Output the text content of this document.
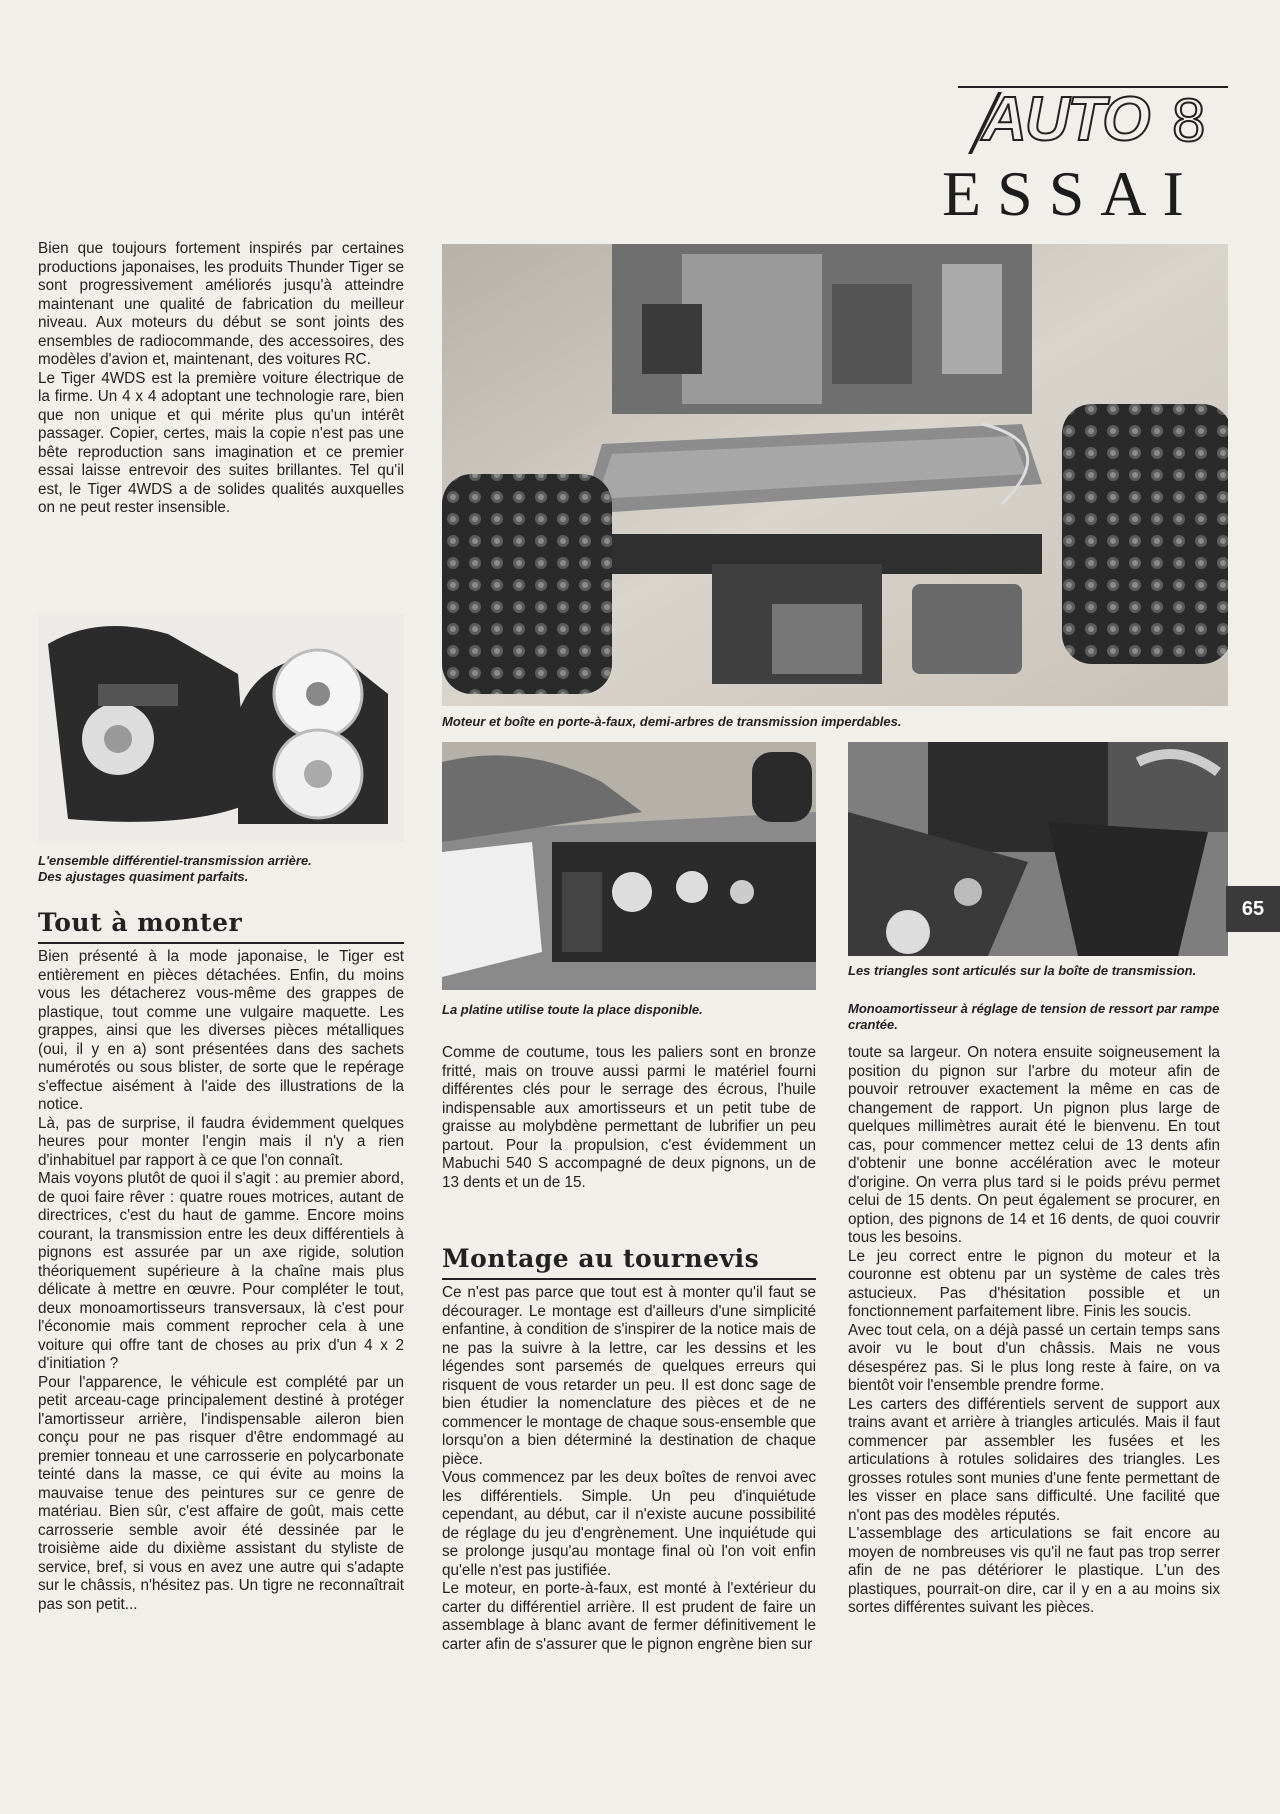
AUTO 8
ESSAI

Bien que toujours fortement inspirés par certaines productions japonaises, les produits Thunder Tiger se sont progressivement améliorés jusqu'à atteindre maintenant une qualité de fabrication du meilleur niveau. Aux moteurs du début se sont joints des ensembles de radiocommande, des accessoires, des modèles d'avion et, maintenant, des voitures RC.

Le Tiger 4WDS est la première voiture électrique de la firme. Un 4 x 4 adoptant une technologie rare, bien que non unique et qui mérite plus qu'un intérêt passager. Copier, certes, mais la copie n'est pas une bête reproduction sans imagination et ce premier essai laisse entrevoir des suites brillantes. Tel qu'il est, le Tiger 4WDS a de solides qualités auxquelles on ne peut rester insensible.

Moteur et boîte en porte-à-faux, demi-arbres de transmission imperdables.
L'ensemble différentiel-transmission arrière.
Des ajustages quasiment parfaits.
La platine utilise toute la place disponible.
Les triangles sont articulés sur la boîte de transmission.
Monoamortisseur à réglage de tension de ressort par rampe crantée.
65
Tout à monter

Bien présenté à la mode japonaise, le Tiger est entièrement en pièces détachées. Enfin, du moins vous les détacherez vous-même des grappes de plastique, tout comme une vulgaire maquette. Les grappes, ainsi que les diverses pièces métalliques (oui, il y en a) sont présentées dans des sachets numérotés ou sous blister, de sorte que le repérage s'effectue aisément à l'aide des illustrations de la notice.

Là, pas de surprise, il faudra évidemment quelques heures pour monter l'engin mais il n'y a rien d'inhabituel par rapport à ce que l'on connaît.

Mais voyons plutôt de quoi il s'agit : au premier abord, de quoi faire rêver : quatre roues motrices, autant de directrices, c'est du haut de gamme. Encore moins courant, la transmission entre les deux différentiels à pignons est assurée par un axe rigide, solution théoriquement supérieure à la chaîne mais plus délicate à mettre en œuvre. Pour compléter le tout, deux monoamortisseurs transversaux, là c'est pour l'économie mais comment reprocher cela à une voiture qui offre tant de choses au prix d'un 4 x 2 d'initiation ?

Pour l'apparence, le véhicule est complété par un petit arceau-cage principalement destiné à protéger l'amortisseur arrière, l'indispensable aileron bien conçu pour ne pas risquer d'être endommagé au premier tonneau et une carrosserie en polycarbonate teinté dans la masse, ce qui évite au moins la mauvaise tenue des peintures sur ce genre de matériau. Bien sûr, c'est affaire de goût, mais cette carrosserie semble avoir été dessinée par le troisième aide du dixième assistant du styliste de service, bref, si vous en avez une autre qui s'adapte sur le châssis, n'hésitez pas. Un tigre ne reconnaîtrait pas son petit...

Comme de coutume, tous les paliers sont en bronze fritté, mais on trouve aussi parmi le matériel fourni différentes clés pour le serrage des écrous, l'huile indispensable aux amortisseurs et un petit tube de graisse au molybdène permettant de lubrifier un peu partout. Pour la propulsion, c'est évidemment un Mabuchi 540 S accompagné de deux pignons, un de 13 dents et un de 15.

Montage au tournevis

Ce n'est pas parce que tout est à monter qu'il faut se décourager. Le montage est d'ailleurs d'une simplicité enfantine, à condition de s'inspirer de la notice mais de ne pas la suivre à la lettre, car les dessins et les légendes sont parsemés de quelques erreurs qui risquent de vous retarder un peu. Il est donc sage de bien étudier la nomenclature des pièces et de ne commencer le montage de chaque sous-ensemble que lorsqu'on a bien déterminé la destination de chaque pièce.

Vous commencez par les deux boîtes de renvoi avec les différentiels. Simple. Un peu d'inquiétude cependant, au début, car il n'existe aucune possibilité de réglage du jeu d'engrènement. Une inquiétude qui se prolonge jusqu'au montage final où l'on voit enfin qu'elle n'est pas justifiée.

Le moteur, en porte-à-faux, est monté à l'extérieur du carter du différentiel arrière. Il est prudent de faire un assemblage à blanc avant de fermer définitivement le carter afin de s'assurer que le pignon engrène bien sur

toute sa largeur. On notera ensuite soigneusement la position du pignon sur l'arbre du moteur afin de pouvoir retrouver exactement la même en cas de changement de rapport. Un pignon plus large de quelques millimètres aurait été le bienvenu. En tout cas, pour commencer mettez celui de 13 dents afin d'obtenir une bonne accélération avec le moteur d'origine. On verra plus tard si le poids prévu permet celui de 15 dents. On peut également se procurer, en option, des pignons de 14 et 16 dents, de quoi couvrir tous les besoins.

Le jeu correct entre le pignon du moteur et la couronne est obtenu par un système de cales très astucieux. Pas d'hésitation possible et un fonctionnement parfaitement libre. Finis les soucis.

Avec tout cela, on a déjà passé un certain temps sans avoir vu le bout d'un châssis. Mais ne vous désespérez pas. Si le plus long reste à faire, on va bientôt voir l'ensemble prendre forme.

Les carters des différentiels servent de support aux trains avant et arrière à triangles articulés. Mais il faut commencer par assembler les fusées et les articulations à rotules solidaires des triangles. Les grosses rotules sont munies d'une fente permettant de les visser en place sans difficulté. Une facilité que n'ont pas des modèles réputés.

L'assemblage des articulations se fait encore au moyen de nombreuses vis qu'il ne faut pas trop serrer afin de ne pas détériorer le plastique. L'un des plastiques, pourrait-on dire, car il y en a au moins six sortes différentes suivant les pièces.
